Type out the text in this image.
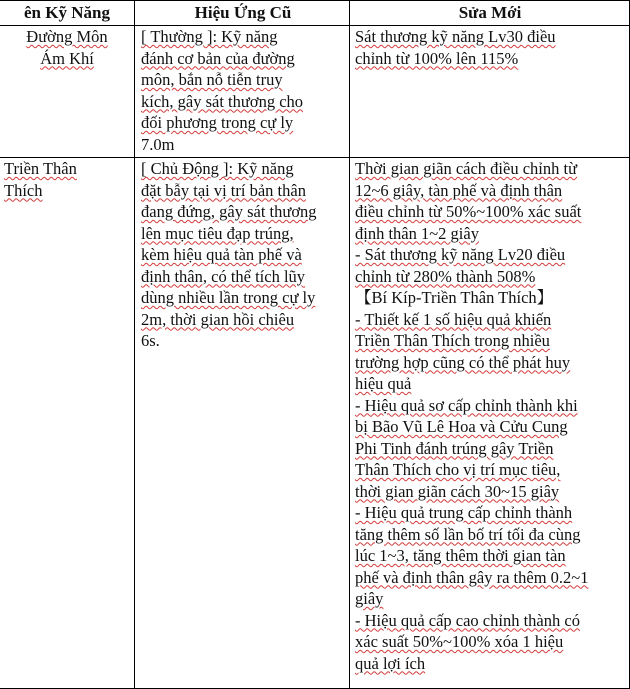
ên Kỹ Năng	Hiệu Ứng Cũ	Sửa Mới
Đường Môn
Ám Khí
[ Thường ]: Kỹ năng
đánh cơ bản của đường
môn, bắn nỗ tiễn truy
kích, gây sát thương cho
đối phương trong cự ly
7.0m
Sát thương kỹ năng Lv30 điều
chỉnh từ 100% lên 115%
Triền Thân
Thích
[ Chủ Động ]: Kỹ năng
đặt bẫy tại vị trí bản thân
đang đứng, gây sát thương
lên mục tiêu đạp trúng,
kèm hiệu quả tàn phế và
định thân, có thể tích lũy
dùng nhiều lần trong cự ly
2m, thời gian hồi chiêu
6s.
Thời gian giãn cách điều chỉnh từ
12~6 giây, tàn phế và định thân
điều chỉnh từ 50%~100% xác suất
định thân 1~2 giây
- Sát thương kỹ năng Lv20 điều
chỉnh từ 280% thành 508%
【Bí Kíp-Triền Thân Thích】
- Thiết kế 1 số hiệu quả khiến
Triền Thân Thích trong nhiều
trường hợp cũng có thể phát huy
hiệu quả
- Hiệu quả sơ cấp chỉnh thành khi
bị Bão Vũ Lê Hoa và Cửu Cung
Phi Tinh đánh trúng gây Triền
Thân Thích cho vị trí mục tiêu,
thời gian giãn cách 30~15 giây
- Hiệu quả trung cấp chỉnh thành
tăng thêm số lần bố trí tối đa cùng
lúc 1~3, tăng thêm thời gian tàn
phế và định thân gây ra thêm 0.2~1
giây
- Hiệu quả cấp cao chỉnh thành có
xác suất 50%~100% xóa 1 hiệu
quả lợi ích
